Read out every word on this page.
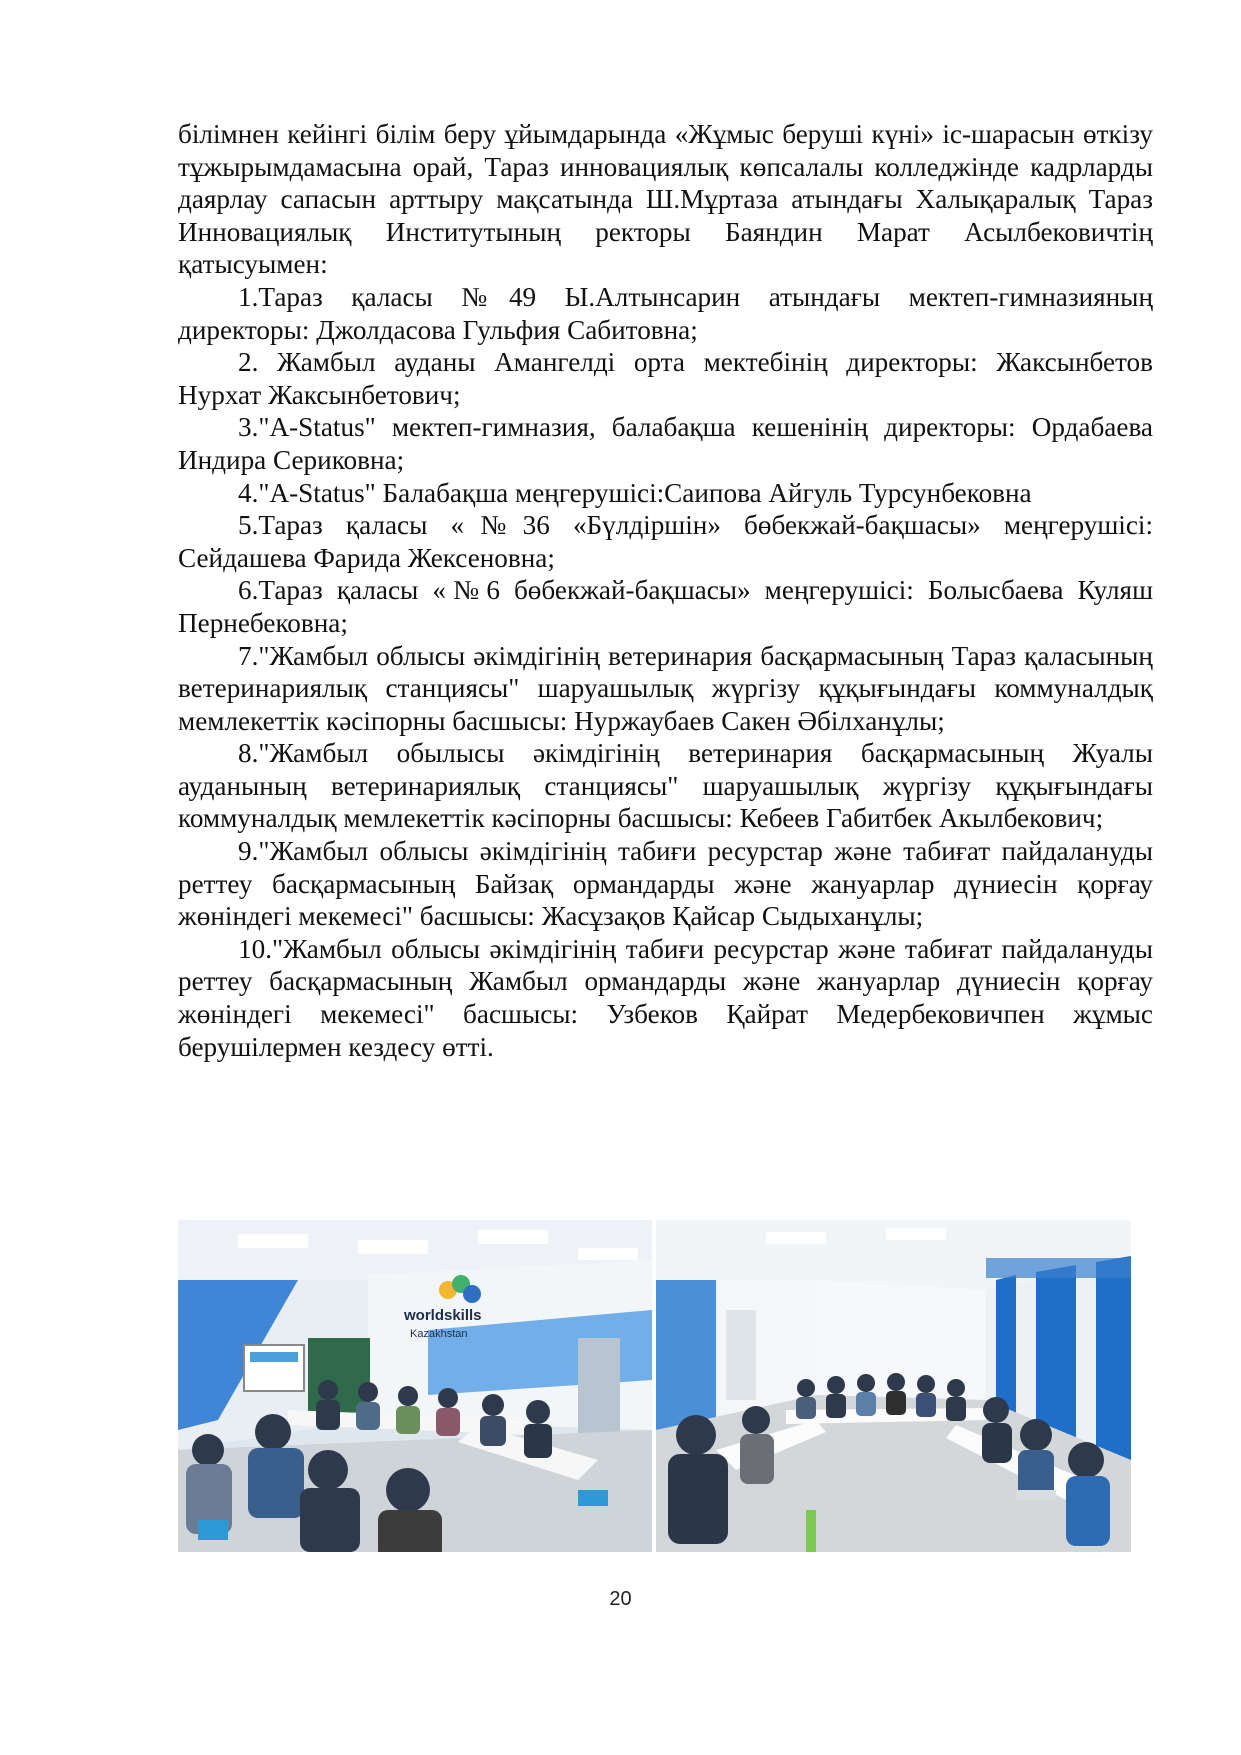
білімнен кейінгі білім беру ұйымдарында «Жұмыс беруші күні» іс-шарасын өткізу тұжырымдамасына орай, Тараз инновациялық көпсалалы колледжінде кадрларды даярлау сапасын арттыру мақсатында Ш.Мұртаза атындағы Халықаралық Тараз Инновациялық Институтының ректоры Баяндин Марат Асылбековичтің қатысуымен:

1.Тараз қаласы №49 Ы.Алтынсарин атындағы мектеп-гимназияның директоры: Джолдасова Гульфия Сабитовна;

2. Жамбыл ауданы Амангелді орта мектебінің директоры: Жаксынбетов Нурхат Жаксынбетович;

3."A-Status" мектеп-гимназия, балабақша кешенінің директоры: Ордабаева Индира Сериковна;

4."A-Status" Балабақша меңгерушісі:Саипова Айгуль Турсунбековна

5.Тараз қаласы «№36 «Бүлдіршін» бөбекжай-бақшасы» меңгерушісі: Сейдашева Фарида Жексеновна;

6.Тараз қаласы «№6 бөбекжай-бақшасы» меңгерушісі: Болысбаева Куляш Пернебековна;

7."Жамбыл облысы әкімдігінің ветеринария басқармасының Тараз қаласының ветеринариялық станциясы" шаруашылық жүргізу құқығындағы коммуналдық мемлекеттік кәсіпорны басшысы: Нуржаубаев Сакен Әбілханұлы;

8."Жамбыл обылысы әкімдігінің ветеринария басқармасының Жуалы ауданының ветеринариялық станциясы" шаруашылық жүргізу құқығындағы коммуналдық мемлекеттік кәсіпорны басшысы: Кебеев Габитбек Акылбекович;

9."Жамбыл облысы әкімдігінің табиғи ресурстар және табиғат пайдалануды реттеу басқармасының Байзақ ормандарды және жануарлар дүниесін қорғау жөніндегі мекемесі" басшысы: Жасұзақов Қайсар Сыдыханұлы;

10."Жамбыл облысы әкімдігінің табиғи ресурстар және табиғат пайдалануды реттеу басқармасының Жамбыл ормандарды және жануарлар дүниесін қорғау жөніндегі мекемесі" басшысы: Узбеков Қайрат Медербековичпен жұмыс берушілермен кездесу өтті.

worldskills
Kazakhstan
20
